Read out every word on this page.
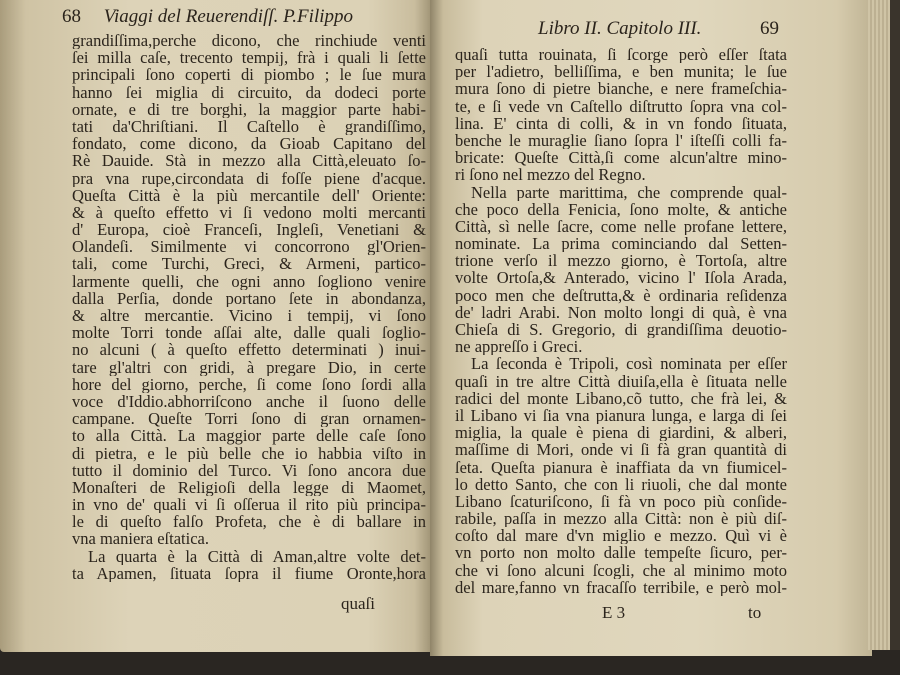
68 Viaggi del Reuerendiſſ. P.Filippo
grandiſſima,perche dicono, che rinchiude venti
ſei milla caſe, trecento tempij, frà i quali li ſette
principali ſono coperti di piombo ; le ſue mura
hanno ſei miglia di circuito, da dodeci porte
ornate, e di tre borghi, la maggior parte habi-
tati da'Chriſtiani. Il Caſtello è grandiſſimo,
fondato, come dicono, da Gioab Capitano del
Rè Dauide. Stà in mezzo alla Città,eleuato ſo-
pra vna rupe,circondata di foſſe piene d'acque.
Queſta Città è la più mercantile dell' Oriente:
& à queſto effetto vi ſi vedono molti mercanti
d' Europa, cioè Franceſi, Ingleſi, Venetiani &
Olandeſi. Similmente vi concorrono gl'Orien-
tali, come Turchi, Greci, & Armeni, partico-
larmente quelli, che ogni anno ſogliono venire
dalla Perſia, donde portano ſete in abondanza,
& altre mercantie. Vicino i tempij, vi ſono
molte Torri tonde aſſai alte, dalle quali ſoglio-
no alcuni ( à queſto effetto determinati ) inui-
tare gl'altri con gridi, à pregare Dio, in certe
hore del giorno, perche, ſi come ſono ſordi alla
voce d'Iddio.abhorriſcono anche il ſuono delle
campane. Queſte Torri ſono di gran ornamen-
to alla Città. La maggior parte delle caſe ſono
di pietra, e le più belle che io habbia viſto in
tutto il dominio del Turco. Vi ſono ancora due
Monaſteri de Religioſi della legge di Maomet,
in vno de' quali vi ſi oſſerua il rito più principa-
le di queſto falſo Profeta, che è di ballare in
vna maniera eſtatica.
La quarta è la Città di Aman,altre volte det-
ta Apamen, ſituata ſopra il fiume Oronte,hora
quaſi
Libro II. Capitolo III.	69
quaſi tutta rouinata, ſi ſcorge però eſſer ſtata
per l'adietro, belliſſima, e ben munita; le ſue
mura ſono di pietre bianche, e nere frameſchia-
te, e ſi vede vn Caſtello diſtrutto ſopra vna col-
lina. E' cinta di colli, & in vn fondo ſituata,
benche le muraglie ſiano ſopra l' iſteſſi colli fa-
bricate: Queſte Città,ſi come alcun'altre mino-
ri ſono nel mezzo del Regno.
Nella parte marittima, che comprende qual-
che poco della Fenicia, ſono molte, & antiche
Città, sì nelle ſacre, come nelle profane lettere,
nominate. La prima cominciando dal Setten-
trione verſo il mezzo giorno, è Tortoſa, altre
volte Ortoſa,& Anterado, vicino l' Iſola Arada,
poco men che deſtrutta,& è ordinaria reſidenza
de' ladri Arabi. Non molto longi di quà, è vna
Chieſa di S. Gregorio, di grandiſſima deuotio-
ne appreſſo i Greci.
La ſeconda è Tripoli, così nominata per eſſer
quaſi in tre altre Città diuiſa,ella è ſituata nelle
radici del monte Libano,cõ tutto, che frà lei, &
il Libano vi ſia vna pianura lunga, e larga di ſei
miglia, la quale è piena di giardini, & alberi,
maſſime di Mori, onde vi ſi fà gran quantità di
ſeta. Queſta pianura è inaffiata da vn fiumicel-
lo detto Santo, che con li riuoli, che dal monte
Libano ſcaturiſcono, ſi fà vn poco più conſide-
rabile, paſſa in mezzo alla Città: non è più diſ-
coſto dal mare d'vn miglio e mezzo. Quì vi è
vn porto non molto dalle tempeſte ſicuro, per-
che vi ſono alcuni ſcogli, che al minimo moto
del mare,fanno vn fracaſſo terribile, e però mol-
E 3	to
